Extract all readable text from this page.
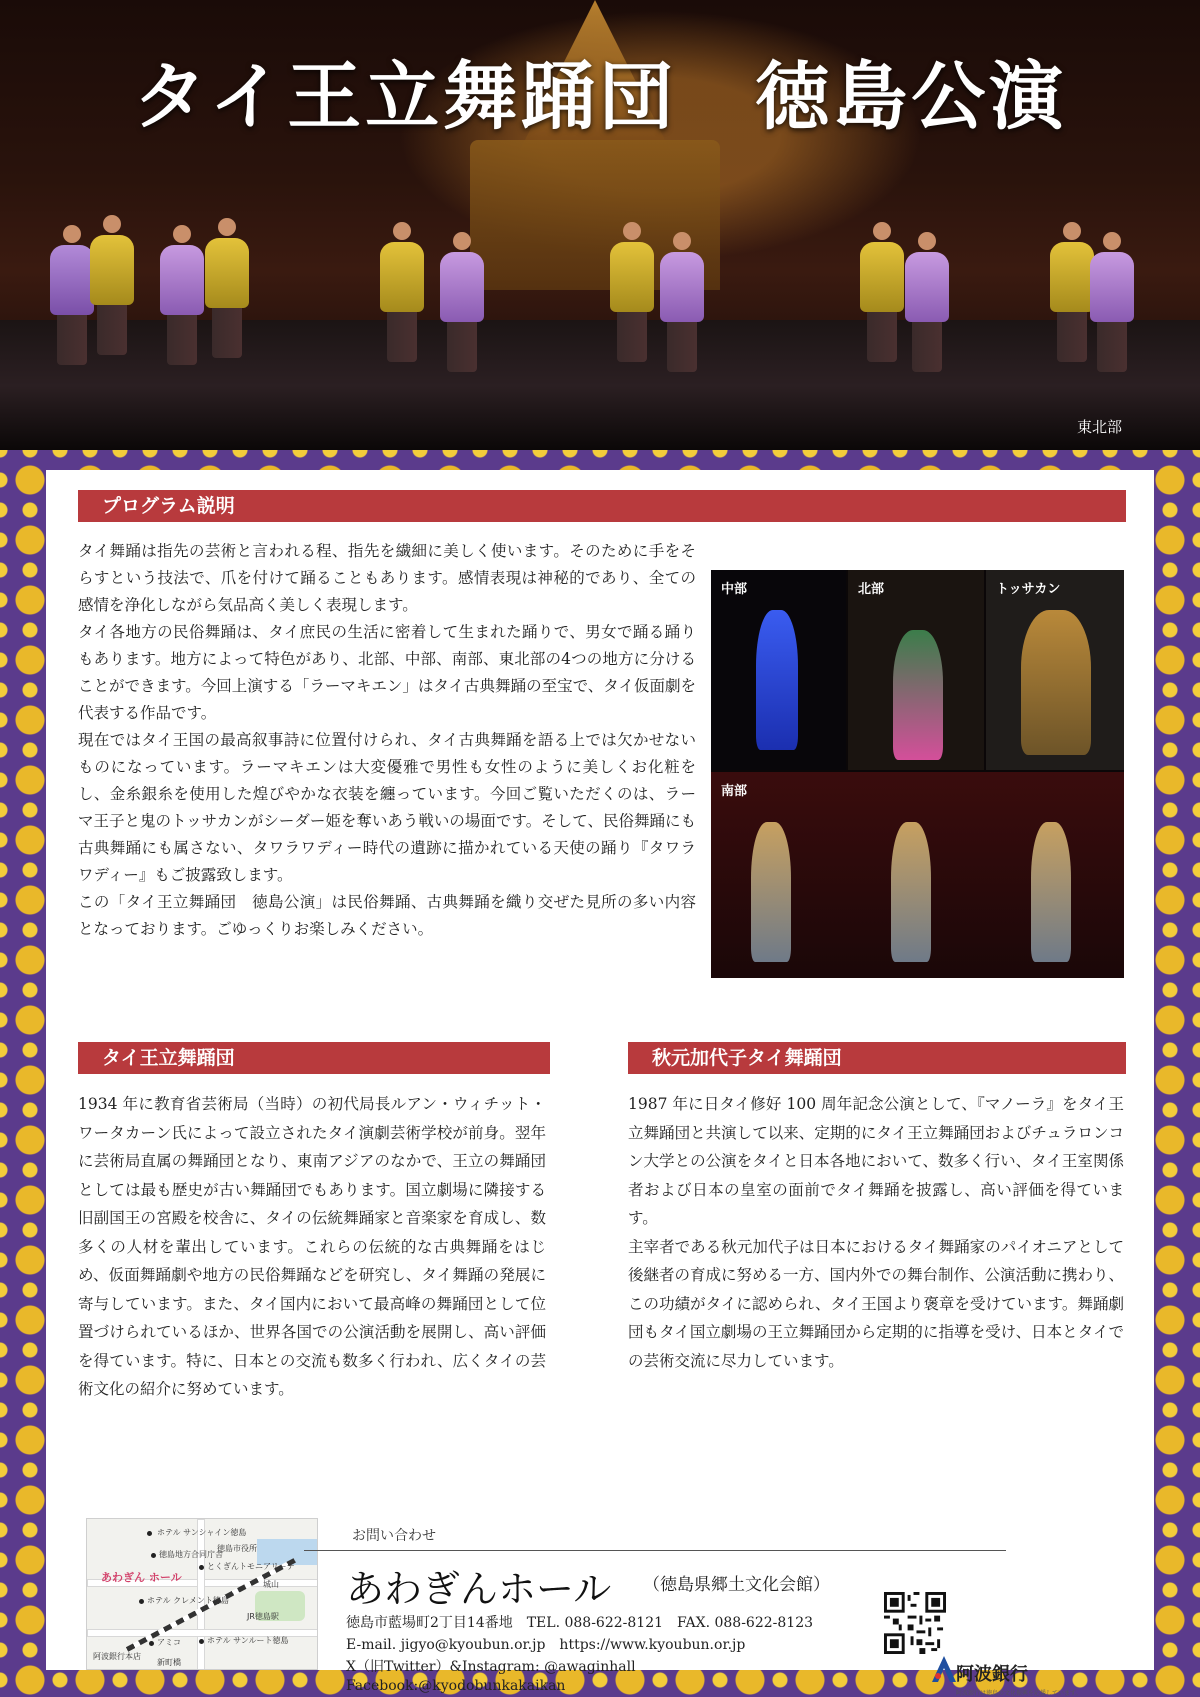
タイ王立舞踊団　徳島公演
東北部
プログラム説明

タイ舞踊は指先の芸術と言われる程、指先を繊細に美しく使います。そのために手をそらすという技法で、爪を付けて踊ることもあります。感情表現は神秘的であり、全ての感情を浄化しながら気品高く美しく表現します。

タイ各地方の民俗舞踊は、タイ庶民の生活に密着して生まれた踊りで、男女で踊る踊りもあります。地方によって特色があり、北部、中部、南部、東北部の4つの地方に分けることができます。今回上演する「ラーマキエン」はタイ古典舞踊の至宝で、タイ仮面劇を代表する作品です。

現在ではタイ王国の最高叙事詩に位置付けられ、タイ古典舞踊を語る上では欠かせないものになっています。ラーマキエンは大変優雅で男性も女性のように美しくお化粧をし、金糸銀糸を使用した煌びやかな衣装を纏っています。今回ご覧いただくのは、ラーマ王子と鬼のトッサカンがシーダー姫を奪いあう戦いの場面です。そして、民俗舞踊にも古典舞踊にも属さない、タワラワディー時代の遺跡に描かれている天使の踊り『タワラワディー』もご披露致します。

この「タイ王立舞踊団　徳島公演」は民俗舞踊、古典舞踊を織り交ぜた見所の多い内容となっております。ごゆっくりお楽しみください。

中部	北部	トッサカン
南部
タイ王立舞踊団

1934 年に教育省芸術局（当時）の初代局長ルアン・ウィチット・ワータカーン氏によって設立されたタイ演劇芸術学校が前身。翌年に芸術局直属の舞踊団となり、東南アジアのなかで、王立の舞踊団としては最も歴史が古い舞踊団でもあります。国立劇場に隣接する旧副国王の宮殿を校舎に、タイの伝統舞踊家と音楽家を育成し、数多くの人材を輩出しています。これらの伝統的な古典舞踊をはじめ、仮面舞踊劇や地方の民俗舞踊などを研究し、タイ舞踊の発展に寄与しています。また、タイ国内において最高峰の舞踊団として位置づけられているほか、世界各国での公演活動を展開し、高い評価を得ています。特に、日本との交流も数多く行われ、広くタイの芸術文化の紹介に努めています。

秋元加代子タイ舞踊団

1987 年に日タイ修好 100 周年記念公演として、『マノーラ』をタイ王立舞踊団と共演して以来、定期的にタイ王立舞踊団およびチュラロンコン大学との公演をタイと日本各地において、数多く行い、タイ王室関係者および日本の皇室の面前でタイ舞踊を披露し、高い評価を得ています。

主宰者である秋元加代子は日本におけるタイ舞踊家のパイオニアとして後継者の育成に努める一方、国内外での舞台制作、公演活動に携わり、この功績がタイに認められ、タイ王国より褒章を受けています。舞踊劇団もタイ国立劇場の王立舞踊団から定期的に指導を受け、日本とタイでの芸術交流に尽力しています。

ホテル サンシャイン徳島
徳島市役所
徳島地方合同庁舎
とくぎんトモニアリーナ
あわぎん ホール
ホテル クレメント徳島
JR徳島駅
城山
アミコ	ホテル サンルート徳島
阿波銀行本店
新町橋
お問い合わせ
あわぎんホール （徳島県郷土文化会館）
徳島市藍場町2丁目14番地　TEL. 088-622-8121　FAX. 088-622-8123
E-mail. jigyo@kyoubun.or.jp　https://www.kyoubun.or.jp
X（旧Twitter）&Instagram: @awaginhall
Facebook:@kyodobunkakaikan
阿波銀行
阿波銀行は徳島の文化振興を応援しています。
